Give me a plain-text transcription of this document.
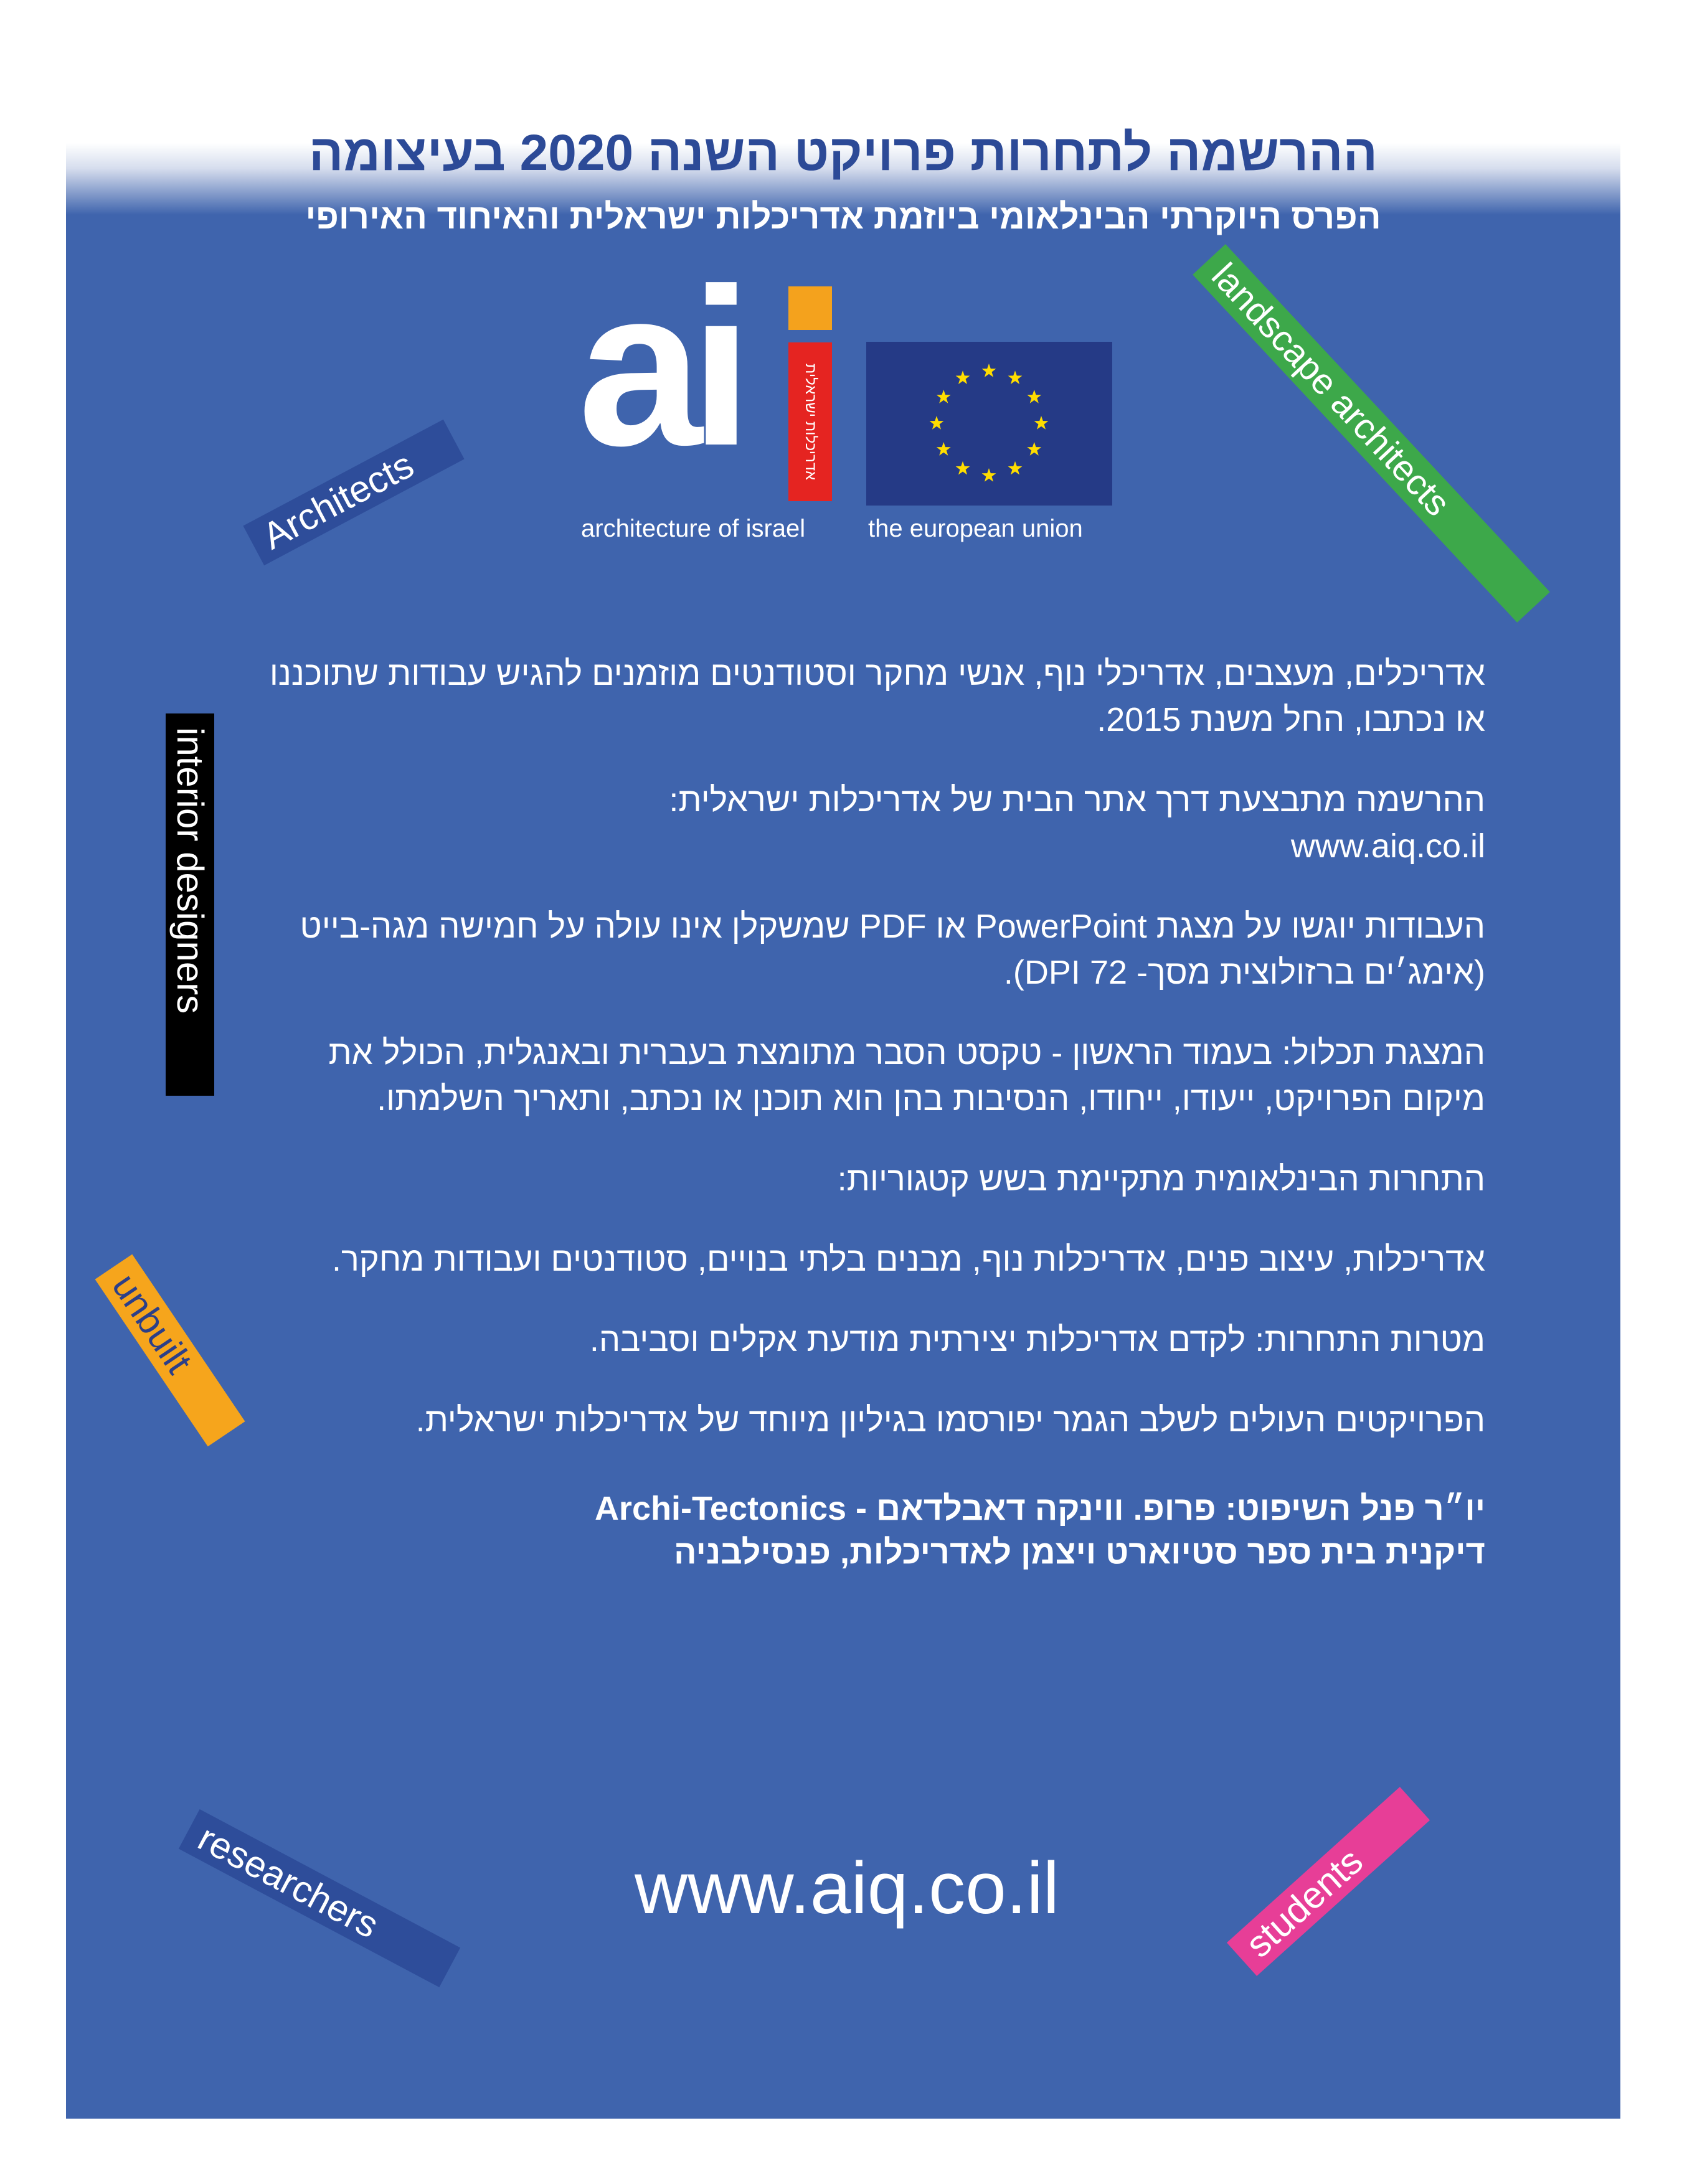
ההרשמה לתחרות פרויקט השנה 2020 בעיצומה
הפרס היוקרתי הבינלאומי ביוזמת אדריכלות ישראלית והאיחוד האירופי
ai	אדריכלות ישראלית
architecture of israel	the european union
Architects	landscape architects
interior designers
unbuilt
researchers	students

אדריכלים, מעצבים, אדריכלי נוף, אנשי מחקר וסטודנטים מוזמנים להגיש עבודות שתוכננו או נכתבו, החל משנת 2015.

ההרשמה מתבצעת דרך אתר הבית של אדריכלות ישראלית:
www.aiq.co.il

העבודות יוגשו על מצגת PowerPoint או PDF שמשקלן אינו עולה על חמישה מגה-בייט (אימג׳ים ברזולוצית מסך- 72 DPI).

המצגת תכלול: בעמוד הראשון - טקסט הסבר מתומצת בעברית ובאנגלית, הכולל את מיקום הפרויקט, ייעודו, ייחודו, הנסיבות בהן הוא תוכנן או נכתב, ותאריך השלמתו.

התחרות הבינלאומית מתקיימת בשש קטגוריות:

אדריכלות, עיצוב פנים, אדריכלות נוף, מבנים בלתי בנויים, סטודנטים ועבודות מחקר.

מטרות התחרות: לקדם אדריכלות יצירתית מודעת אקלים וסביבה.

הפרויקטים העולים לשלב הגמר יפורסמו בגיליון מיוחד של אדריכלות ישראלית.

יו״ר פנל השיפוט: פרופ. ווינקה דאבלדאם - Archi-Tectonics
דיקנית בית ספר סטיוארט ויצמן לאדריכלות, פנסילבניה
www.aiq.co.il
